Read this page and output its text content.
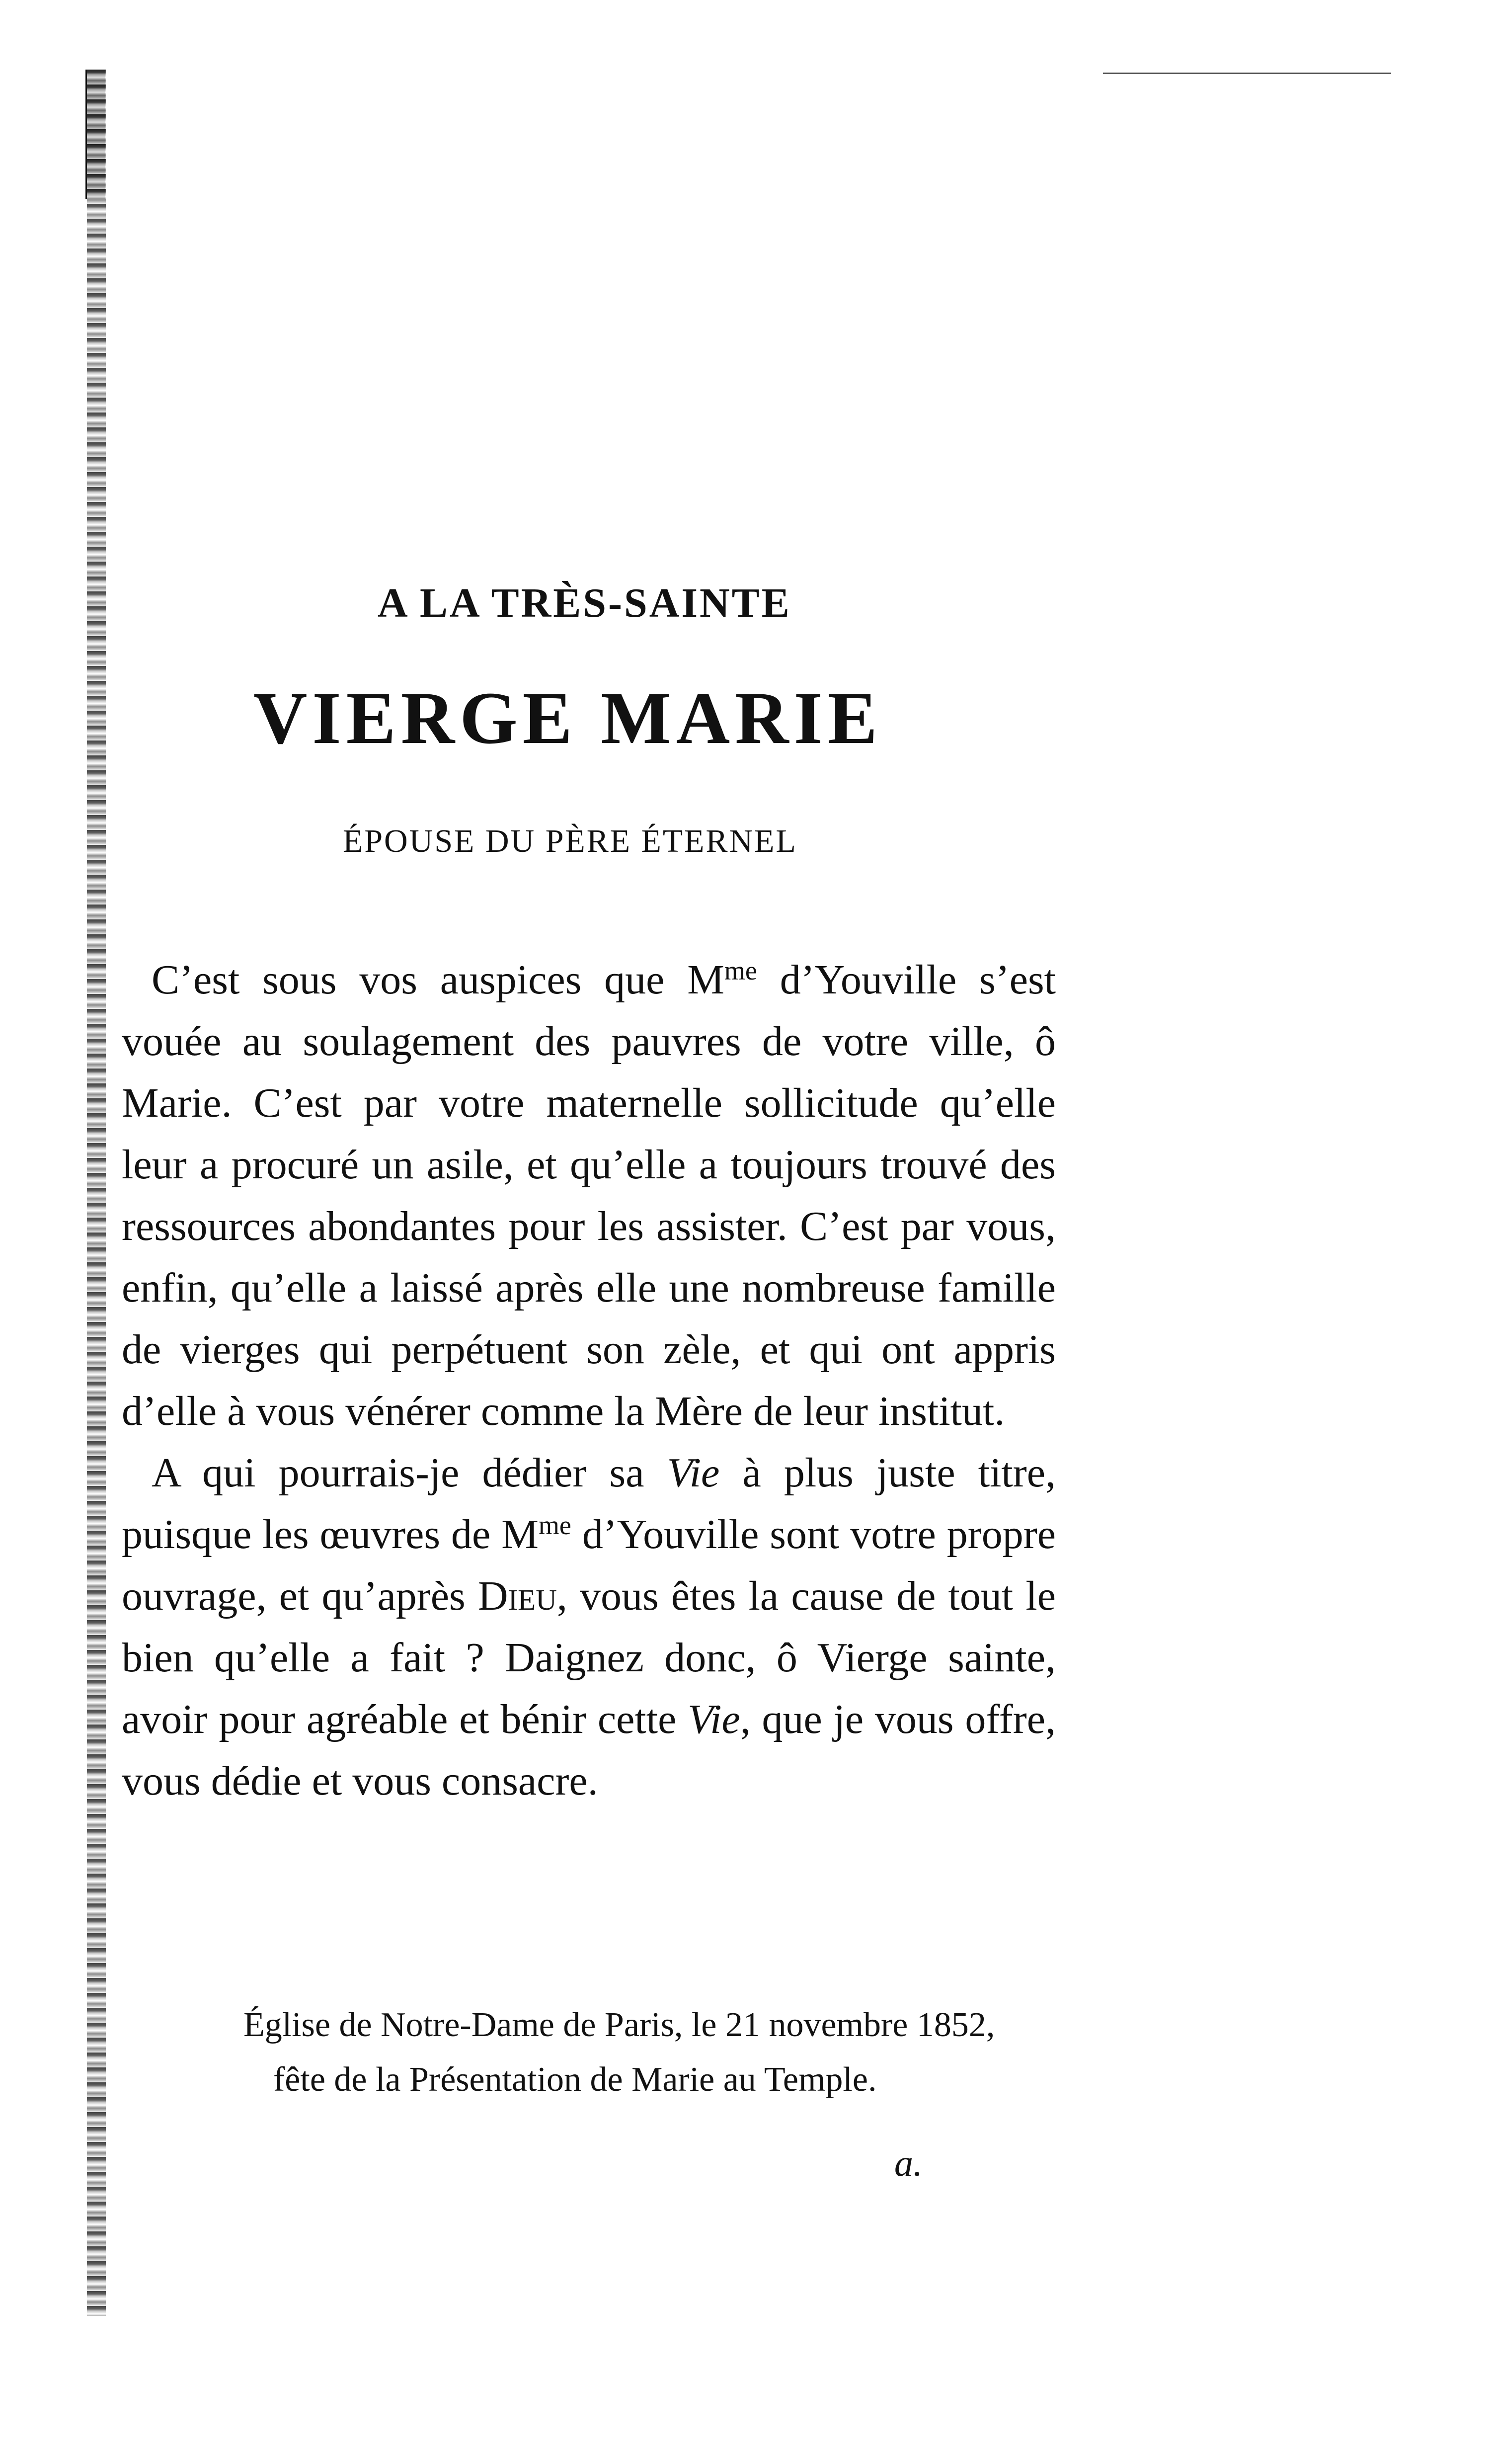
A LA TRÈS-SAINTE
VIERGE MARIE
ÉPOUSE DU PÈRE ÉTERNEL

C’est sous vos auspices que $M^{me}$ d’Youville s’est vouée au soulagement des pauvres de votre ville, ô Marie. C’est par votre maternelle sollicitude qu’elle leur a procuré un asile, et qu’elle a toujours trouvé des ressources abondantes pour les assister. C’est par vous, enfin, qu’elle a laissé après elle une nombreuse famille de vierges qui perpétuent son zèle, et qui ont appris d’elle à vous vénérer comme la Mère de leur institut.

A qui pourrais-je dédier sa Vie à plus juste titre, puisque les œuvres de $M^{me}$ d’Youville sont votre propre ouvrage, et qu’après Dieu, vous êtes la cause de tout le bien qu’elle a fait ? Daignez donc, ô Vierge sainte, avoir pour agréable et bénir cette Vie, que je vous offre, vous dédie et vous consacre.

Église de Notre-Dame de Paris, le 21 novembre 1852,
fête de la Présentation de Marie au Temple.
a.
